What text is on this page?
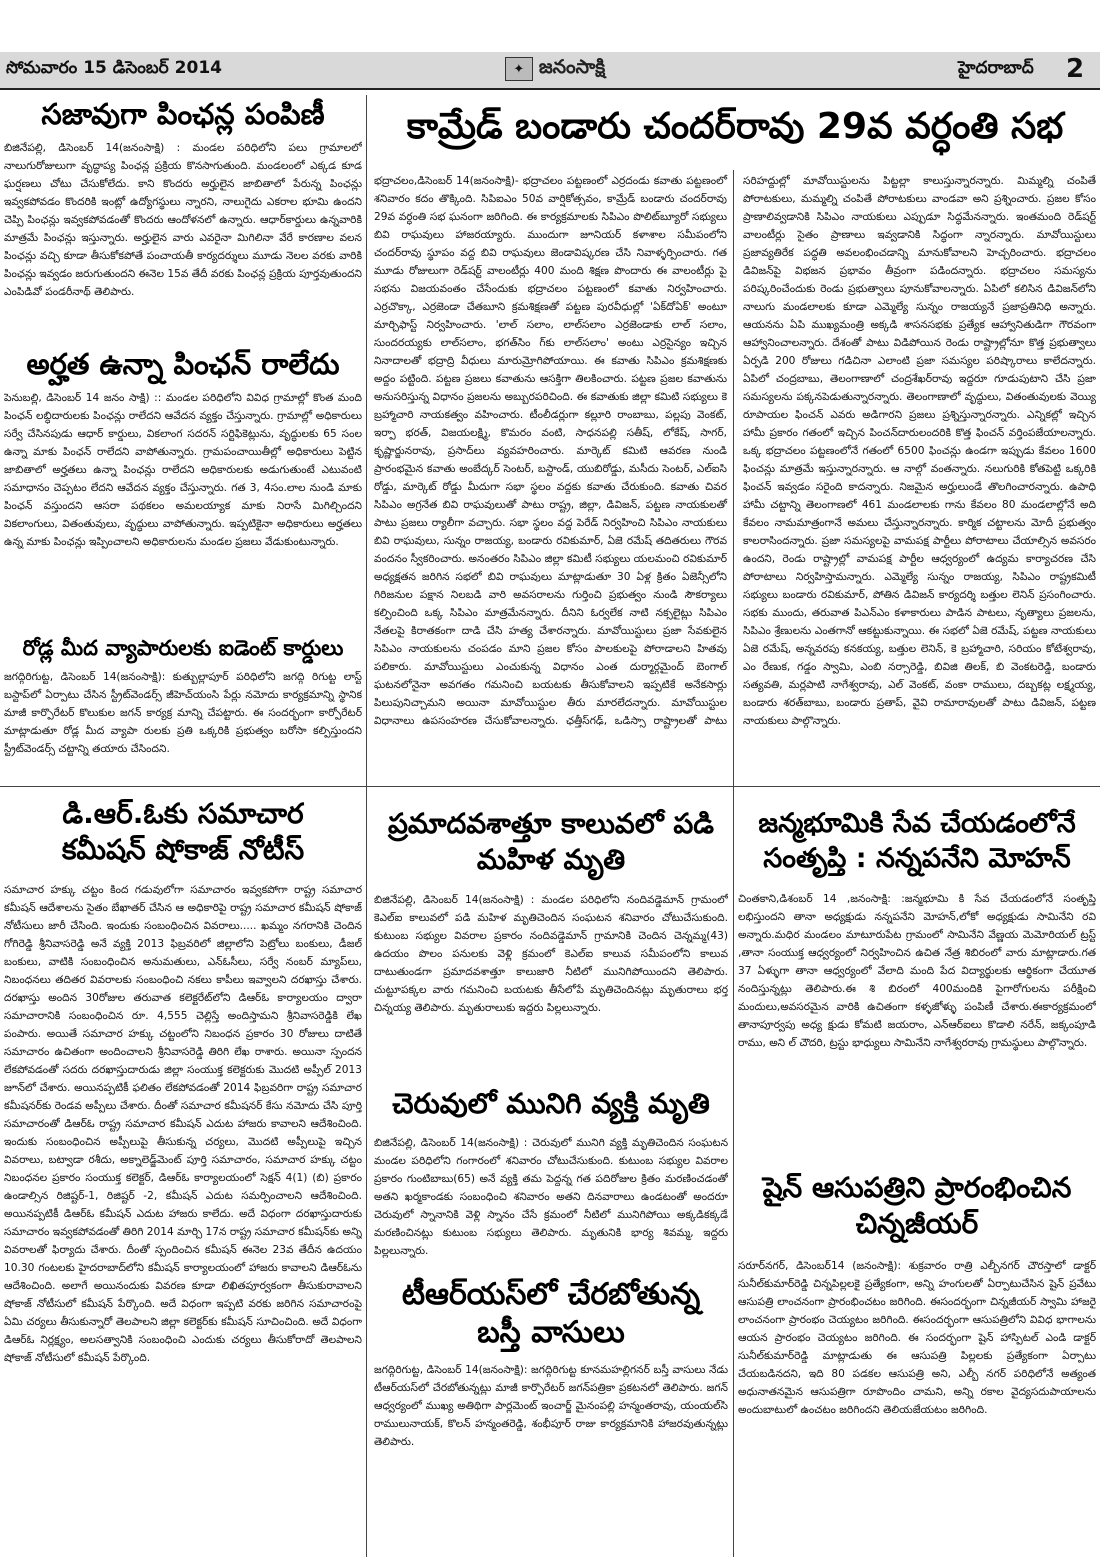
సోమవారం 15 డిసెంబర్ 2014	✦ జనంసాక్షి	హైదరాబాద్ 2
సజావుగా పింఛన్ల పంపిణీ

బిజినేపల్లి, డిసెంబర్ 14(జనంసాక్షి) : మండల పరిధిలోని పలు గ్రామాలలో నాలుగురోజులుగా వృద్ధాప్య పింఛన్ల ప్రక్రియ కొనసాగుతుంది. మండలంలో ఎక్కడ కూడ ఘర్షణలు చోటు చేసుకోలేదు. కాని కొందరు అర్హులైన జాబితాలో పేరున్న పింఛన్లు ఇవ్వకపోవడం కొందరికి ఇంట్లో ఉద్యోగస్థులు న్నారని, నాలుగైదు ఎకరాల భూమి ఉందని చెప్పి పింఛన్లు ఇవ్వకపోవడంతో కొందరు ఆందోళనలో ఉన్నారు. ఆధార్‌కార్డులు ఉన్నవారికి మాత్రమే పింఛన్లు ఇస్తున్నారు. అర్హులైన వారు ఎవరైనా మిగిలినా వేరే కారణాల వలన పింఛన్లు వచ్చి కూడా తీసుకోకపోతే పంచాయతీ కార్యదర్శులు మూడు నెలల వరకు వారికి పింఛన్లు ఇవ్వడం జరుగుతుందని ఈనెల 15వ తేదీ వరకు పింఛన్ల ప్రక్రియ పూర్తవుతుందని ఎంపిడివో పండరీనాథ్‌ తెలిపారు.

అర్హత ఉన్నా పింఛన్‌ రాలేదు

పెనుబల్లి, డిసెంబర్‌ 14 జనం సాక్షి) :: మండల పరిధిలోని వివిధ గ్రామాల్లో కొంత మంది పింఛన్‌ లబ్ధిదారులకు పింఛన్లు రాలేదని ఆవేదన వ్యక్తం చేస్తున్నారు. గ్రామాల్లో అధికారులు సర్వే చేసినపుడు ఆధార్‌ కార్డులు, వికలాంగ సదరన్‌ సర్టిఫికెట్లును, వృద్ధులకు 65 సంల ఉన్నా మాకు పింఛన్‌ రాలేదని వాపోతున్నారు. గ్రామపంచాయితీల్లో అధికారులు పెట్టిన జాబితాలో అర్హతలు ఉన్నా పింఛన్లు రాలేదని అధికారులకు అడుగుతుంటే ఎటువంటి సమాధానం చెప్పటం లేదని ఆవేదన వ్యక్తం చేస్తున్నారు. గత 3, 4సం.లాల నుండి మాకు పింఛన్‌ వస్తుందని ఆసరా పథకలం అమలయ్యాక మాకు నిరాసే మిగిల్చిందని వికలాంగులు, వితంతువులు, వృద్ధులు వాపోతున్నారు. ఇప్పటికైనా అధికారులు అర్హతలు ఉన్న మాకు పింఛన్లు ఇప్పించాలని అధికారులను మండల ప్రజలు వేడుకుంటున్నారు.

రోడ్ల మీద వ్యాపారులకు ఐడెంట్‌ కార్డులు

జగద్గిరిగుట్ట, డిసెంబర్‌ 14(జనంసాక్షి): కుత్బుల్లాపూర్‌ పరిధిలోని జగద్గి రిగుట్ట లాస్ట్‌ బస్టాప్‌లో ఏర్పాటు చేసిన స్ట్రీట్‌వెండర్స్‌ జీహెచ్‌యంసి పేర్లు నమోదు కార్యక్రమాన్ని స్థానిక మాజీ కార్పొరేటర్‌ కొలుకుల జగన్‌ కార్యక్ర మాన్ని చేపట్టారు. ఈ సందర్భంగా కార్పోరేటర్‌ మాట్లాడుతూ రోడ్ల మీద వ్యాపా రులకు ప్రతి ఒక్కరికి ప్రభుత్వం బరోసా కల్పిస్తుందని స్ట్రీట్‌వెండర్స్‌ చట్టాన్ని తయారు చేసిందని.

డి.ఆర్‌.ఓకు సమాచార కమీషన్‌ షోకాజ్‌ నోటీస్

సమాచార హక్కు చట్టం కింద గడువులోగా సమాచారం ఇవ్వకపోగా రాష్ట్ర సమాచార కమీషన్‌ ఆదేశాలను సైతం బేఖాతర్ చేసిన ఆ అధికారిపై రాష్ట్ర సమాచార కమీషన్‌ షోకాజ్‌ నోటీసులు జారీ చేసింది. ఇందుకు సంబంధించిన వివరాలు..... ఖమ్మం నగరానికి చెందిన గోగిరెడ్డి శ్రీనివాసరెడ్డి అనే వ్యక్తి 2013 ఫిబ్రవరిలో జిల్లాలోని పెట్రోలు బంకులు, డీజల్‌ బంకులు, వాటికి సంబంధించిన అనుమతులు, ఎన్‌ఓసీలు, సర్వే నంబర్‌ మ్యాప్‌లు, నిబంధనలు తదితర వివరాలకు సంబంధించి నకలు కాపీలు ఇవ్వాలని దరఖాస్తు చేశారు. దరఖాస్తు అందిన 30రోజుల తరువాత కలెక్టరేట్‌లోని డిఆర్‌ఓ కార్యాలయం ద్వారా సమాచారానికి సంబంధించిన రూ. 4,555 చెల్లిస్తే అందిస్తామని శ్రీనివాసరెడ్డికి లేఖ పంపారు. అయితే సమాచార హక్కు చట్టంలోని నిబంధన ప్రకారం 30 రోజులు దాటితే సమాచారం ఉచితంగా అందించాలని శ్రీనివాసరెడ్డి తిరిగి లేఖ రాశారు. అయినా స్పందన లేకపోవడంతో సదరు దరఖాస్తుదారుడు జిల్లా సంయుక్త కలెక్టరుకు మొదటి అప్పీల్‌ 2013 జూన్‌లో చేశారు. అయినప్పటికీ ఫలితం లేకపోవడంతో 2014 ఫిబ్రవరిగా రాష్ట్ర సమాచార కమీషనర్‌కు రెండవ అప్పీలు చేశారు. దీంతో సమాచార కమీషనర్‌ కేసు నమోదు చేసి పూర్తి సమాచారంతో డిఆర్‌ఓ రాష్ట్ర సమాచార కమీషన్‌ ఎదుట హాజరు కావాలని ఆదేశించింది. ఇందుకు సంబంధించిన అప్పీలుపై తీసుకున్న చర్యలు, మొదటి అప్పీలుపై ఇచ్చిన వివరాలు, బట్వాడా రశీదు, అక్నాలెడ్జ్‌మెంట్‌ పూర్తి సమాచారం, సమాచార హక్కు చట్టం నిబంధనల ప్రకారం సంయుక్త కలెక్టర్‌, డిఆర్‌ఓ కార్యాలయంలో సెక్షన్‌ 4(1) (బి) ప్రకారం ఉండాల్సిన రిజిష్టర్‌-1, రిజిష్టర్‌ -2, కమీషన్‌ ఎదుట సమర్పించాలని ఆదేశించింది. అయినప్పటికీ డిఆర్‌ఓ కమీషన్‌ ఎదుట హాజరు కాలేదు. అదే విధంగా దరఖాస్తుదారుకు సమాచారం ఇవ్వకపోవడంతో తిరిగి 2014 మార్చి 17న రాష్ట్ర సమాచార కమీషన్‌కు అన్ని వివరాలతో ఫిర్యాదు చేశారు. దీంతో స్పందించిన కమీషన్‌ ఈనెల 23వ తేదీన ఉదయం 10.30 గంటలకు హైదరాబాద్‌లోని కమీషన్‌ కార్యాలయంలో హాజరు కావాలని డిఆర్‌ఓను ఆదేశించింది. అలాగే అయినందుకు వివరణ కూడా లిఖితపూర్వకంగా తీసుకురావాలని షోకాజ్‌ నోటీసులో కమీషన్‌ పేర్కొంది. అదే విధంగా ఇప్పటి వరకు జరిగిన సమాచారంపై ఏమి చర్యలు తీసుకున్నారో తెలపాలని జిల్లా కలెక్టర్‌కు కమీషన్‌ సూచించింది. అదే విధంగా డిఆర్‌ఓ నిర్లక్ష్యం, అలసత్వానికి సంబంధించి ఎందుకు చర్యలు తీసుకోరాదో తెలపాలని షోకాజ్‌ నోటీసులో కమీషన్‌ పేర్కొంది.

కామ్రేడ్‌ బండారు చందర్‌రావు 29వ వర్ధంతి సభ

భద్రాచలం,డిసెంబర్‌ 14(జనంసాక్షి)- భద్రాచలం పట్టణంలో ఎర్రదండు కవాతు పట్టణంలో శనివారం కదం తొక్కింది. సిపిఐఎం 50వ వార్షికోత్సవం, కామ్రేడ్‌ బండారు చందర్‌రావు 29వ వర్ధంతి సభ ఘనంగా జరిగింది. ఈ కార్యక్రమాలకు సిపిఎం పొలిట్‌బ్యూరో సభ్యులు బివి రాఘవులు హాజరయ్యారు. ముందుగా జూనియర్‌ కళాశాల సమీపంలోని చందర్‌రావు స్థూపం వద్ద బివి రాఘవులు జెండావిష్కరణ చేసి నివాళ్ళర్పించారు. గత మూడు రోజులుగా రెడ్‌షర్ట్‌ వాలంటీర్లు 400 మంది శిక్షణ పొందారు ఈ వాలంటీర్లు పై సభను విజయవంతం చేసేందుకు భద్రాచలం పట్టణంలో కవాతు నిర్వహించారు. ఎర్రచొక్కా, ఎర్రజెండా చేతబూని క్రమశిక్షణతో పట్టణ పురవీధుల్లో 'ఏక్‌దోఏక్‌' అంటూ మార్చిఫాస్ట్‌ నిర్వహించారు. 'లాల్‌ సలాం, లాల్‌సలాం ఎర్రజెండాకు లాల్‌ సలాం, సుందరయ్యకు లాల్‌సలాం, భగత్‌సిం గ్‌కు లాల్‌సలాం' అంటు ఎర్రసైన్యం ఇచ్చిన నినాదాలతో భద్రాద్రి వీధులు మారుమ్రోగిపోయాయి. ఈ కవాతు సిపిఎం క్రమశిక్షణకు అద్దం పట్టింది. పట్టణ ప్రజలు కవాతును ఆసక్తిగా తిలకించారు. పట్టణ ప్రజల కవాతును అనుసరిస్తున్న విధానం ప్రజలను అబ్బురపరిచింది. ఈ కవాతుకు జిల్లా కమిటి సభ్యులు కె బ్రహ్మాచారి నాయకత్వం వహించారు. టీంలీడర్లుగా కల్లూరి రాంబాబు, పల్లపు వెంకట్‌, ఇర్పా భరత్‌, విజయలక్ష్మి, కొమరం వంటి, సాధనపల్లి సతీష్‌, లోకేష్‌, సాగర్‌, కృష్ణార్జునరావు, ప్రసాద్‌లు వ్యవహరించారు. మార్కెట్‌ కమిటి ఆవరణ నుండి ప్రారంభమైన కవాతు అంబేద్కర్‌ సెంటర్‌, బస్టాండ్‌, యుబిరోడ్డు, మసీదు సెంటర్‌, ఎల్‌ఐసి రోడ్డు, మార్కెట్‌ రోడ్డు మీదుగా సభా స్థలం వద్దకు కవాతు చేరుకుంది. కవాతు చివర సిపిఎం అగ్రనేత బివి రాఘవులుతో పాటు రాష్ట్ర, జిల్లా, డివిజన్‌, పట్టణ నాయకులతో పాటు ప్రజలు ర్యాలీగా వచ్చారు. సభా స్థలం వద్ద పెరేడ్‌ నిర్వహించి సిపిఎం నాయకులు బివి రాఘవులు, సున్నం రాజయ్య, బండారు రవికుమార్‌, ఏజె రమేష్‌ తదితరులు గౌరవ వందనం స్వీకరించారు. అనంతరం సిపిఎం జిల్లా కమిటీ సభ్యులు యలమంచి రవికుమార్‌ అధ్యక్షతన జరిగిన సభలో బివి రాఘవులు మాట్లాడుతూ 30 ఏళ్ల క్రితం ఏజెన్సీలోని గిరిజనుల పక్షాన నిలబడి వారి అవసరాలను గుర్తించి ప్రభుత్వం నుండి సౌకర్యాలు కల్పించింది ఒక్క సిపిఎం మాత్రమేనన్నారు. దీనిని ఓర్వలేక నాటి నక్సలైట్లు సిపిఎం నేతలపై కిరాతకంగా దాడి చేసి హత్య చేశారన్నారు. మావోయిస్టులు ప్రజా సేవకులైన సిపిఎం నాయకులను చంపడం మాని ప్రజల కోసం పాలకులపై పోరాడాలని హితవు పలికారు. మావోయిస్టులు ఎంచుకున్న విధానం ఎంత దుర్మార్గమైంద్‌ బెంగాల్‌ ఘటనలోనైనా అవగతం గమనించి బయటకు తీసుకోవాలని ఇప్పటికే అనేకసార్లు పిలుపునిచ్చామని అయినా మావోయిస్టుల తీరు మారలేదన్నారు. మావోయిస్టుల విధానాలు ఉపసంహరణ చేసుకోవాలన్నారు. ఛత్తీస్‌గఢ్‌, ఒడిస్సా రాష్ట్రాలతో పాటు సరిహద్దుల్లో మావోయిస్టులను పిట్టల్లా కాలుస్తున్నారన్నారు. మిమ్మల్ని చంపితే పోరాటకులు, మమ్మల్ని చంపితే పోరాటకులు వాండవా అని ప్రశ్నించారు. ప్రజల కోసం ప్రాణాలివ్వడానికి సిపిఎం నాయకులు ఎప్పుడూ సిద్ధమేనన్నారు. ఇంతమంది రెడ్‌షర్ట్‌ వాలంటీర్లు సైతం ప్రాణాలు ఇవ్వడానికి సిద్ధంగా న్నారన్నారు. మావోయిస్టులు ప్రజావ్యతిరేక పద్ధతి అవలంభించడాన్ని మానుకోవాలని హెచ్చరించారు. భద్రాచలం డివిజన్‌పై విభజన ప్రభావం తీవ్రంగా పడిందన్నారు. భద్రాచలం సమస్యను పరిష్కరించేందుకు రెండు ప్రభుత్వాలు పూనుకోవాలన్నారు. ఏపిలో కలిసిన డివిజన్‌లోని నాలుగు మండలాలకు కూడా ఎమ్మెల్యే సున్నం రాజయ్యనే ప్రజాప్రతినిధి అన్నారు. ఆయనను ఏపి ముఖ్యమంత్రి అక్కడి శాసనసభకు ప్రత్యేక ఆహ్వానితుడిగా గౌరవంగా ఆహ్వానించాలన్నారు. దేశంతో పాటు విడిపోయిన రెండు రాష్ట్రాల్లోనూ కొత్త ప్రభుత్వాలు ఏర్పడి 200 రోజులు గడిచినా ఎలాంటి ప్రజా సమస్యల పరిష్కారాలు కాలేదన్నారు. ఏపిలో చంద్రబాబు, తెలంగాణాలో చంద్రశేఖర్‌రావు ఇద్దరూ గూడుపుటాని చేసి ప్రజా సమస్యలను పక్కనపెడుతున్నారన్నారు. తెలంగాణాలో వృద్ధులు, వితంతువులకు వెయ్యి రూపాయల ఫించన్‌ ఎవరు అడిగారని ప్రజలు ప్రశ్నిస్తున్నారన్నారు. ఎన్నికల్లో ఇచ్చిన హామీ ప్రకారం గతంలో ఇచ్చిన పించన్‌దారులందరికి కొత్త ఫించన్‌ వర్తింపజేయాలన్నారు. ఒక్క భద్రాచలం పట్టణంలోనే గతంలో 6500 ఫించన్లు ఉండగా ఇప్పుడు కేవలం 1600 ఫించన్లు మాత్రమే ఇస్తున్నారన్నారు. ఆ నాల్గో వంతన్నారు. నలుగురికి కోతపెట్టి ఒక్కరికి ఫించన్‌ ఇవ్వడం సరైంది కాదన్నారు. నిజమైన అర్హులుండే తొలగించారన్నారు. ఉపాధి హామీ చట్టాన్ని తెలంగాణలో 461 మండలాలకు గాను కేవలం 80 మండలాల్లోనే అది కేవలం నామమాత్రంగానే అమలు చేస్తున్నారన్నారు. కార్మిక చట్టాలను మోదీ ప్రభుత్వం కాలరాసిందన్నారు. ప్రజా సమస్యలపై వామపక్ష పార్టీలు పోరాటాలు చేయాల్సిన అవసరం ఉందని, రెండు రాష్ట్రాల్లో వామపక్ష పార్టీల ఆధ్వర్యంలో ఉద్యమ కార్యాచరణ చేసి పోరాటాలు నిర్వహిస్తామన్నారు. ఎమ్మెల్యే సున్నం రాజయ్య, సిపిఎం రాష్ట్రకమిటీ సభ్యులు బండారు రవికుమార్‌, పోతిన డివిజన్‌ కార్యదర్శి బత్తుల లెనిన్‌ ప్రసంగించారు. సభకు ముందు, తరువాత పిఎన్‌ఎం కళాకారులు పాడిన పాటలు, నృత్యాలు ప్రజలను, సిపిఎం శ్రేణులను ఎంతగానో ఆకట్టుకున్నాయి. ఈ సభలో ఏజె రమేష్‌, పట్టణ నాయకులు ఏజె రమేష్‌, అన్నవరపు కనకయ్య, బత్తుల లెనిన్‌, కె బ్రహ్మాచారి, సరియం కోటేశ్వరావు, ఎం రేణుక, గడ్డం స్వామి, ఎంబి నర్సారెడ్డి, బివిజి తిలక్‌, బి వెంకటరెడ్డి, బండారు సత్యవతి, మర్లపాటి నాగేశ్వరావు, ఎల్‌ వెంకట్‌, వంకా రాములు, దబ్బకట్ల లక్ష్మయ్య, బండారు శరత్‌బాబు, బండారు ప్రతాప్‌, వైవి రామారావులతో పాటు డివిజన్‌, పట్టణ నాయకులు పాల్గొన్నారు.

ప్రమాదవశాత్తూ కాలువలో పడి మహిళ మృతి

బిజినేపల్లి, డిసెంబర్‌ 14(జనంసాక్షి) : మండల పరిధిలోని నందివడ్డెమాన్‌ గ్రామంలో కెఎల్‌ఐ కాలువలో పడి మహిళ మృతిచెందిన సంఘటన శనివారం చోటుచేసుకుంది. కుటుంబ సభ్యుల వివరాల ప్రకారం నందివడ్డెమాన్‌ గ్రామానికి చెందిన చెన్నమ్మ(43) ఉదయం పొలం పనులకు వెళ్లి క్రమంలో కెఎల్‌ఐ కాలువ సమీపంలోని కాలువ దాటుతుండగా ప్రమాదవశాత్తూ కాలుజారి నీటిలో మునిగిపోయిందని తెలిపారు. చుట్టూపక్కల వారు గమనించి బయటకు తీసేలోపే మృతిచెందినట్లు మృతురాలు భర్త చిన్నయ్య తెలిపారు. మృతురాలుకు ఇద్దరు పిల్లలున్నారు.

చెరువులో మునిగి వ్యక్తి మృతి

బిజినేపల్లి, డిసెంబర్‌ 14(జనంసాక్షి) : చెరువులో మునిగి వ్యక్తి మృతిచెందిన సంఘటన మండల పరిధిలోని గంగారంలో శనివారం చోటుచేసుకుంది. కుటుంబ సభ్యుల వివరాల ప్రకారం గుంటిబాబు(65) అనే వ్యక్తి తమ పెద్దన్న గత పదిరోజుల క్రితం మరణించడంతో అతని ఖర్మకాండకు సంబంధించి శనివారం అతని దినవారాలు ఉండటంతో అందరూ చెరువులో స్నానానికి వెళ్లి స్నానం చేసే క్రమంలో నీటిలో మునిగిపోయి అక్కడికక్కడే మరణించినట్లు కుటుంబ సభ్యులు తెలిపారు. మృతునికి భార్య శివమ్మ, ఇద్దరు పిల్లలున్నారు.

టీఆర్‌యస్‌లో చేరబోతున్న బస్తీ వాసులు

జగద్గిరిగుట్ట, డిసెంబర్‌ 14(జనంసాక్షి): జగద్గిరిగుట్ట కూనమహల్లిగనర్‌ బస్తీ వాసులు నేడు టీఆర్‌యస్‌లో చేరబోతున్నట్లు మాజీ కార్పొరేటర్‌ జగన్‌పత్రికా ప్రకటనలో తెలిపారు. జగన్‌ ఆధ్వర్యంలో ముఖ్య అతిథిగా పార్లమెంట్‌ ఇంచార్జ్‌ మైనంపల్లి హన్మంతరావు, యంయల్‌సి రాములునాయక్‌, కొలన్‌ హన్మంతరెడ్డి, శంభీపూర్‌ రాజు కార్యక్రమానికి హాజరవుతున్నట్లు తెలిపారు.

జన్మభూమికి సేవ చేయడంలోనే సంతృప్తి : నన్నపనేని మోహన్‌

చింతకాని,డిశంబర్‌ 14 ,జనంసాక్షి: :జన్మభూమి కి సేవ చేయడంలోనే సంతృప్తి లభిస్తుందని తానా అధ్యక్షుడు నన్నపనేని మోహన్‌,లోకో అధ్యక్షుడు సామినేని రవి అన్నారు.మధిర మండలం మాటూరుపేట గ్రామంలో సామినేని వేణ్ణయ మెమోరియల్‌ ట్రస్ట్‌ ,తానా సంయుక్త ఆధ్వర్యంలో నిర్వహించిన ఉచిత నేత్ర శిబిరంలో వారు మాట్లాడారు.గత 37 ఏళ్ళుగా తానా ఆధ్వర్యంలో వేలాది మంది పేద విద్యార్థులకు ఆర్థికంగా చేయూత నందిస్తున్నట్లు తెలిపారు.ఈ శి బిరంలో 400మందికి పైగారోగులను పరీక్షించి మందులు,అవసరమైన వారికి ఉచితంగా కళ్ళజోళ్ళు పంపిణీ చేశారు.ఈకార్యక్రమంలో తానాపూర్వపు అధ్య క్షుడు కోమటి జయరాం, ఎన్‌ఆర్‌ఐలు కొడాలి నరేన్‌, జక్కంపూడి రాము, అని ల్‌ చౌదరి, ట్రస్టు భాధ్యులు సామినేని నాగేశ్వరరావు గ్రామస్థులు పాల్గొన్నారు.

షైన్‌ ఆసుపత్రిని ప్రారంభించిన చిన్నజీయర్‌

సరూర్‌నగర్‌, డిసెంబర్‌14 (జనంసాక్షి): శుక్రవారం రాత్రి ఎల్బీనగర్‌ చౌరస్తాలో డాక్టర్‌ సునీల్‌కుమార్‌రెడ్డి చిన్నపిల్లలకై ప్రత్యేకంగా, అన్ని హంగులతో ఏర్పాటుచేసిన షైన్‌ ప్రవేటు ఆసుపత్రి లాంచనంగా ప్రారంభించటం జరిగింది. ఈసందర్భంగా చిన్నజీయర్‌ స్వామి హాజరై లాంచనంగా ప్రారంభం చెయ్యటం జరిగింది. ఈసందర్భంగా ఆసుపత్రిలోని వివిధ భాగాలను ఆయన ప్రారంభం చెయ్యటం జరిగింది. ఈ సందర్భంగా షైన్‌ హాస్పిటల్‌ ఎండి డాక్టర్‌ సునీల్‌కుమార్‌రెడ్డి మాట్లాడుతు ఈ ఆసుపత్రి పిల్లలకు ప్రత్యేకంగా ఏర్పాటు చేయబడినదని, ఇది 80 పడకల ఆసుపత్రి అని, ఎల్బీ నగర్‌ పరిధిలోనే అత్యంత అధునాతనమైన ఆసుపత్రిగా రూపొందిం చామని, అన్ని రకాల వైద్యసదుపాయాలను అందుబాటులో ఉంచటం జరిగిందని తెలియజేయటం జరిగింది.
